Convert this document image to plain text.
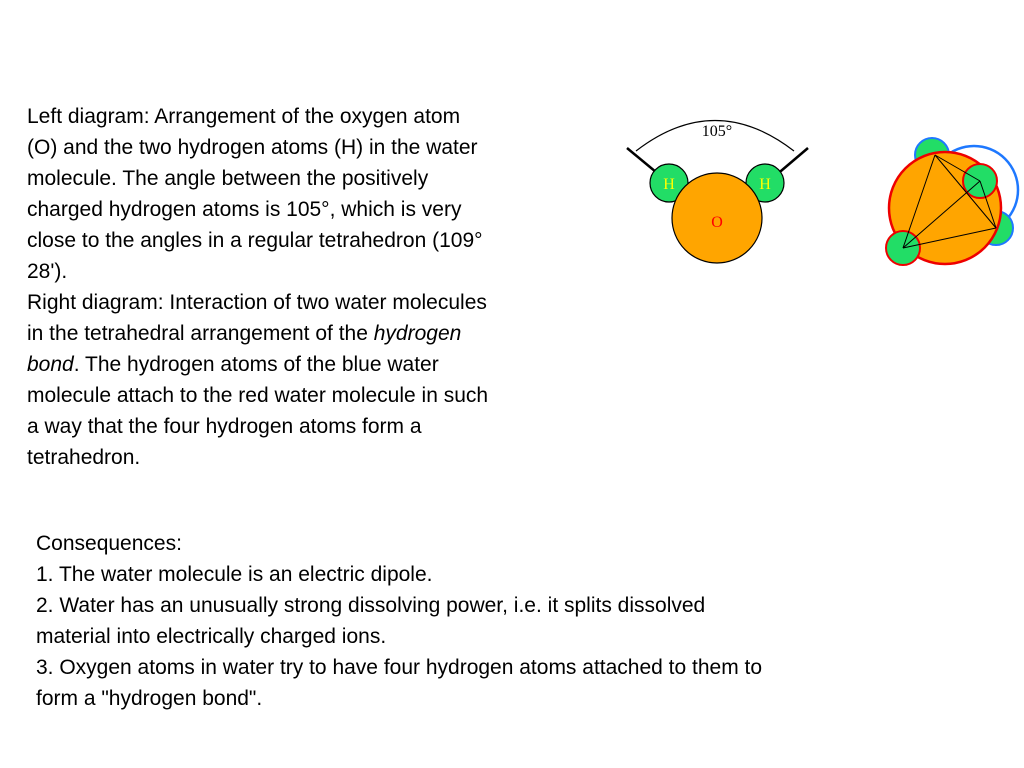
Left diagram: Arrangement of the oxygen atom
(O) and the two hydrogen atoms (H) in the water
molecule. The angle between the positively
charged hydrogen atoms is 105°, which is very
close to the angles in a regular tetrahedron (109°
28').
Right diagram: Interaction of two water molecules
in the tetrahedral arrangement of the hydrogen
bond. The hydrogen atoms of the blue water
molecule attach to the red water molecule in such
a way that the four hydrogen atoms form a
tetrahedron.
105°
H	H
O
Consequences:
1. The water molecule is an electric dipole.
2. Water has an unusually strong dissolving power, i.e. it splits dissolved
material into electrically charged ions.
3. Oxygen atoms in water try to have four hydrogen atoms attached to them to
form a "hydrogen bond".
